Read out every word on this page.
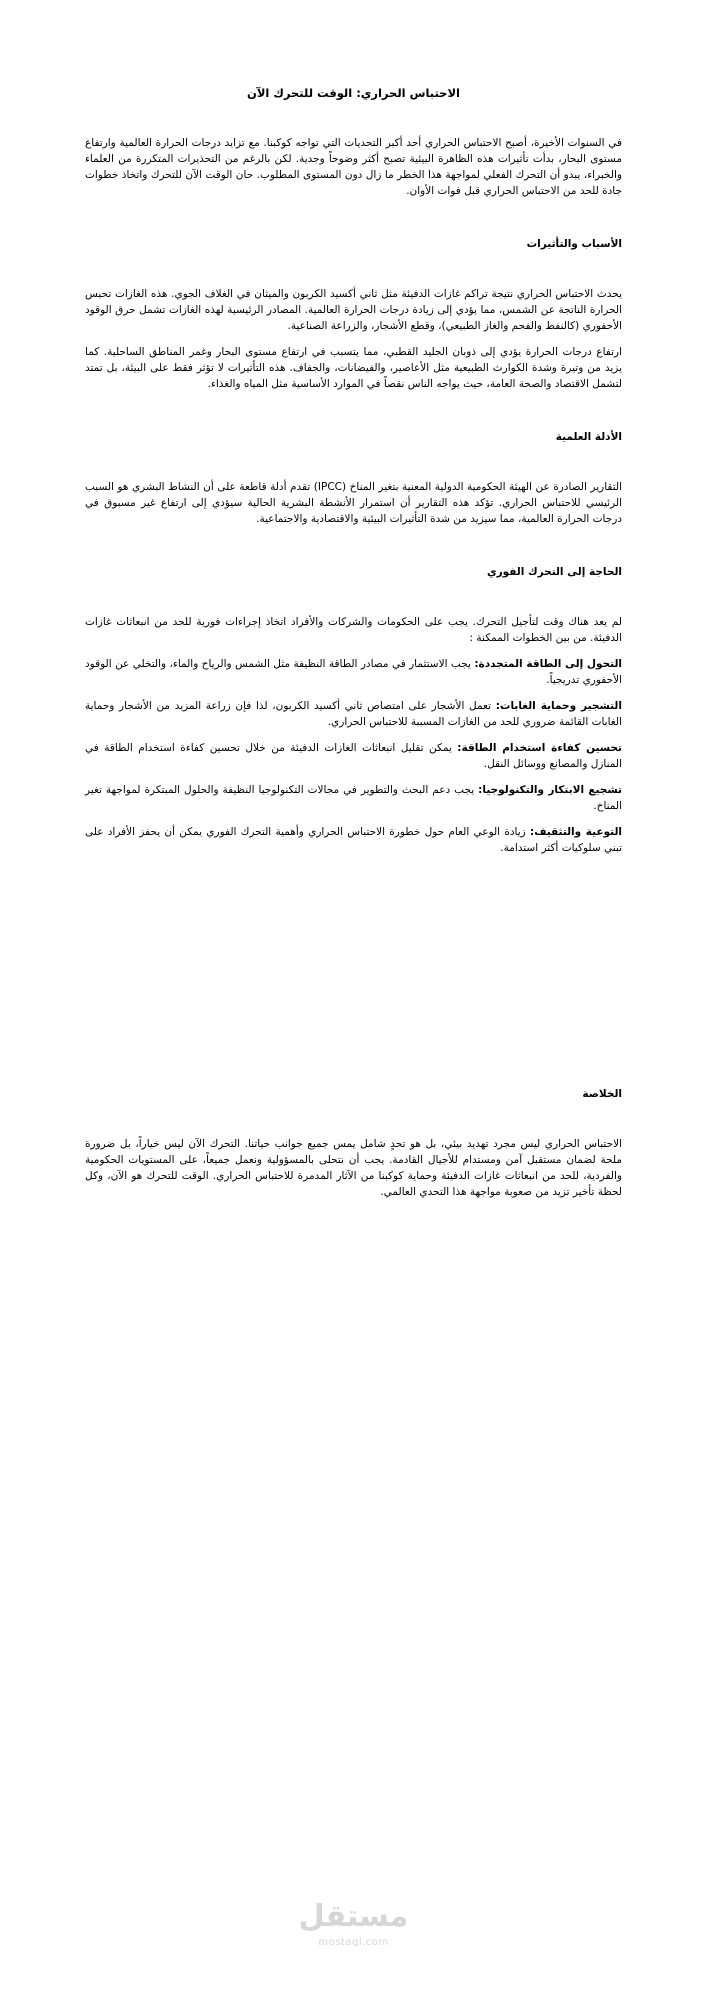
الاحتباس الحراري: الوقت للتحرك الآن

في السنوات الأخيرة، أصبح الاحتباس الحراري أحد أكبر التحديات التي تواجه كوكبنا. مع تزايد درجات الحرارة العالمية وارتفاع مستوى البحار، بدأت تأثيرات هذه الظاهرة البيئية تصبح أكثر وضوحاً وجدية. لكن بالرغم من التحذيرات المتكررة من العلماء والخبراء، يبدو أن التحرك الفعلي لمواجهة هذا الخطر ما زال دون المستوى المطلوب. حان الوقت الآن للتحرك واتخاذ خطوات جادة للحد من الاحتباس الحراري قبل فوات الأوان.

الأسباب والتأثيرات

يحدث الاحتباس الحراري نتيجة تراكم غازات الدفيئة مثل ثاني أكسيد الكربون والميثان في الغلاف الجوي. هذه الغازات تحبس الحرارة الناتجة عن الشمس، مما يؤدي إلى زيادة درجات الحرارة العالمية. المصادر الرئيسية لهذه الغازات تشمل حرق الوقود الأحفوري (كالنفط والفحم والغاز الطبيعي)، وقطع الأشجار، والزراعة الصناعية.

ارتفاع درجات الحرارة يؤدي إلى ذوبان الجليد القطبي، مما يتسبب في ارتفاع مستوى البحار وغمر المناطق الساحلية. كما يزيد من وتيرة وشدة الكوارث الطبيعية مثل الأعاصير، والفيضانات، والجفاف. هذه التأثيرات لا تؤثر فقط على البيئة، بل تمتد لتشمل الاقتصاد والصحة العامة، حيث يواجه الناس نقصاً في الموارد الأساسية مثل المياه والغذاء.

الأدلة العلمية

التقارير الصادرة عن الهيئة الحكومية الدولية المعنية بتغير المناخ (IPCC) تقدم أدلة قاطعة على أن النشاط البشري هو السبب الرئيسي للاحتباس الحراري. تؤكد هذه التقارير أن استمرار الأنشطة البشرية الحالية سيؤدي إلى ارتفاع غير مسبوق في درجات الحرارة العالمية، مما سيزيد من شدة التأثيرات البيئية والاقتصادية والاجتماعية.

الحاجة إلى التحرك الفوري

لم يعد هناك وقت لتأجيل التحرك. يجب على الحكومات والشركات والأفراد اتخاذ إجراءات فورية للحد من انبعاثات غازات الدفيئة. من بين الخطوات الممكنة :

التحول إلى الطاقة المتجددة: يجب الاستثمار في مصادر الطاقة النظيفة مثل الشمس والرياح والماء، والتخلي عن الوقود الأحفوري تدريجياً.

التشجير وحماية الغابات: تعمل الأشجار على امتصاص ثاني أكسيد الكربون، لذا فإن زراعة المزيد من الأشجار وحماية الغابات القائمة ضروري للحد من الغازات المسببة للاحتباس الحراري.

تحسين كفاءة استخدام الطاقة: يمكن تقليل انبعاثات الغازات الدفيئة من خلال تحسين كفاءة استخدام الطاقة في المنازل والمصانع ووسائل النقل.

تشجيع الابتكار والتكنولوجيا: يجب دعم البحث والتطوير في مجالات التكنولوجيا النظيفة والحلول المبتكرة لمواجهة تغير المناخ.

التوعية والتثقيف: زيادة الوعي العام حول خطورة الاحتباس الحراري وأهمية التحرك الفوري يمكن أن يحفز الأفراد على تبني سلوكيات أكثر استدامة.

الخلاصة

الاحتباس الحراري ليس مجرد تهديد بيئي، بل هو تحدٍ شامل يمس جميع جوانب حياتنا. التحرك الآن ليس خياراً، بل ضرورة ملحة لضمان مستقبل آمن ومستدام للأجيال القادمة. يجب أن نتحلى بالمسؤولية ونعمل جميعاً، على المستويات الحكومية والفردية، للحد من انبعاثات غازات الدفيئة وحماية كوكبنا من الآثار المدمرة للاحتباس الحراري. الوقت للتحرك هو الآن، وكل لحظة تأخير تزيد من صعوبة مواجهة هذا التحدي العالمي.

مستقل
mostaql.com
